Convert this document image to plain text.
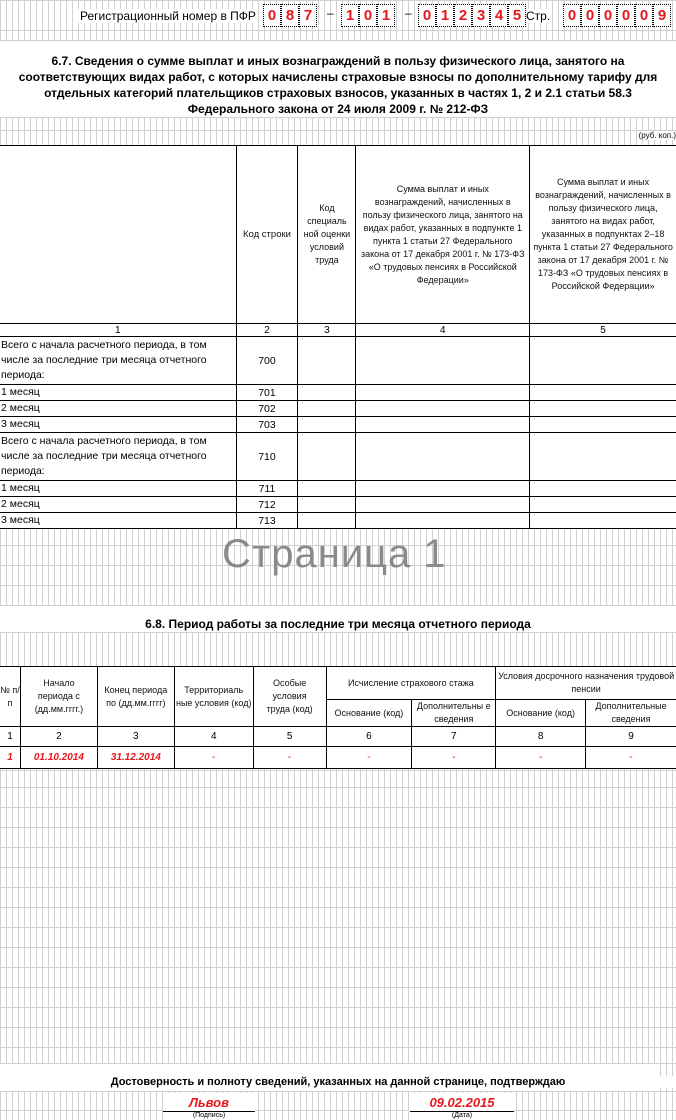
Регистрационный номер в ПФР 0 8 7	– 1 0 1	– 0 1 2 3 4 5 Стр.	0 0 0 0 0 9
6.7. Сведения о сумме выплат и иных вознаграждений в пользу физического лица, занятого на
соответствующих видах работ, с которых начислены страховые взносы по дополнительному тарифу для
отдельных категорий плательщиков страховых взносов, указанных в частях 1, 2 и 2.1 статьи 58.3
Федерального закона от 24 июля 2009 г. № 212-ФЗ
(руб. коп.)
	Код строки	Код специаль ной оценки условий труда	Сумма выплат и иных вознаграждений, начисленных в пользу физического лица, занятого на видах работ, указанных в подпункте 1 пункта 1 статьи 27 Федерального закона от 17 декабря 2001 г. № 173-ФЗ «О трудовых пенсиях в Российской Федерации»	Сумма выплат и иных вознаграждений, начисленных в пользу физического лица, занятого на видах работ, указанных в подпунктах 2–18 пункта 1 статьи 27 Федерального закона от 17 декабря 2001 г. № 173-ФЗ «О трудовых пенсиях в Российской Федерации»
1	2	3	4	5
Всего с начала расчетного периода, в том числе за последние три месяца отчетного периода:	700			
1 месяц	701			
2 месяц	702			
3 месяц	703			
Всего с начала расчетного периода, в том числе за последние три месяца отчетного периода:	710			
1 месяц	711			
2 месяц	712			
3 месяц	713			
Страница 1
6.8. Период работы за последние три месяца отчетного периода
№ п/п	Начало периода с (дд.мм.гггг.)	Конец периода по (дд.мм.гггг)	Территориаль ные условия (код)	Особые условия труда (код)	Исчисление страхового стажа		Условия досрочного назначения трудовой пенсии	
					Основание (код)	Дополнительны е сведения	Основание (код)	Дополнительные сведения
1	2	3	4	5	6	7	8	9
1	01.10.2014	31.12.2014	-	-	-	-	-	-
Достоверность и полноту сведений, указанных на данной странице, подтверждаю
Львов
(Подпись)
09.02.2015
(Дата)
